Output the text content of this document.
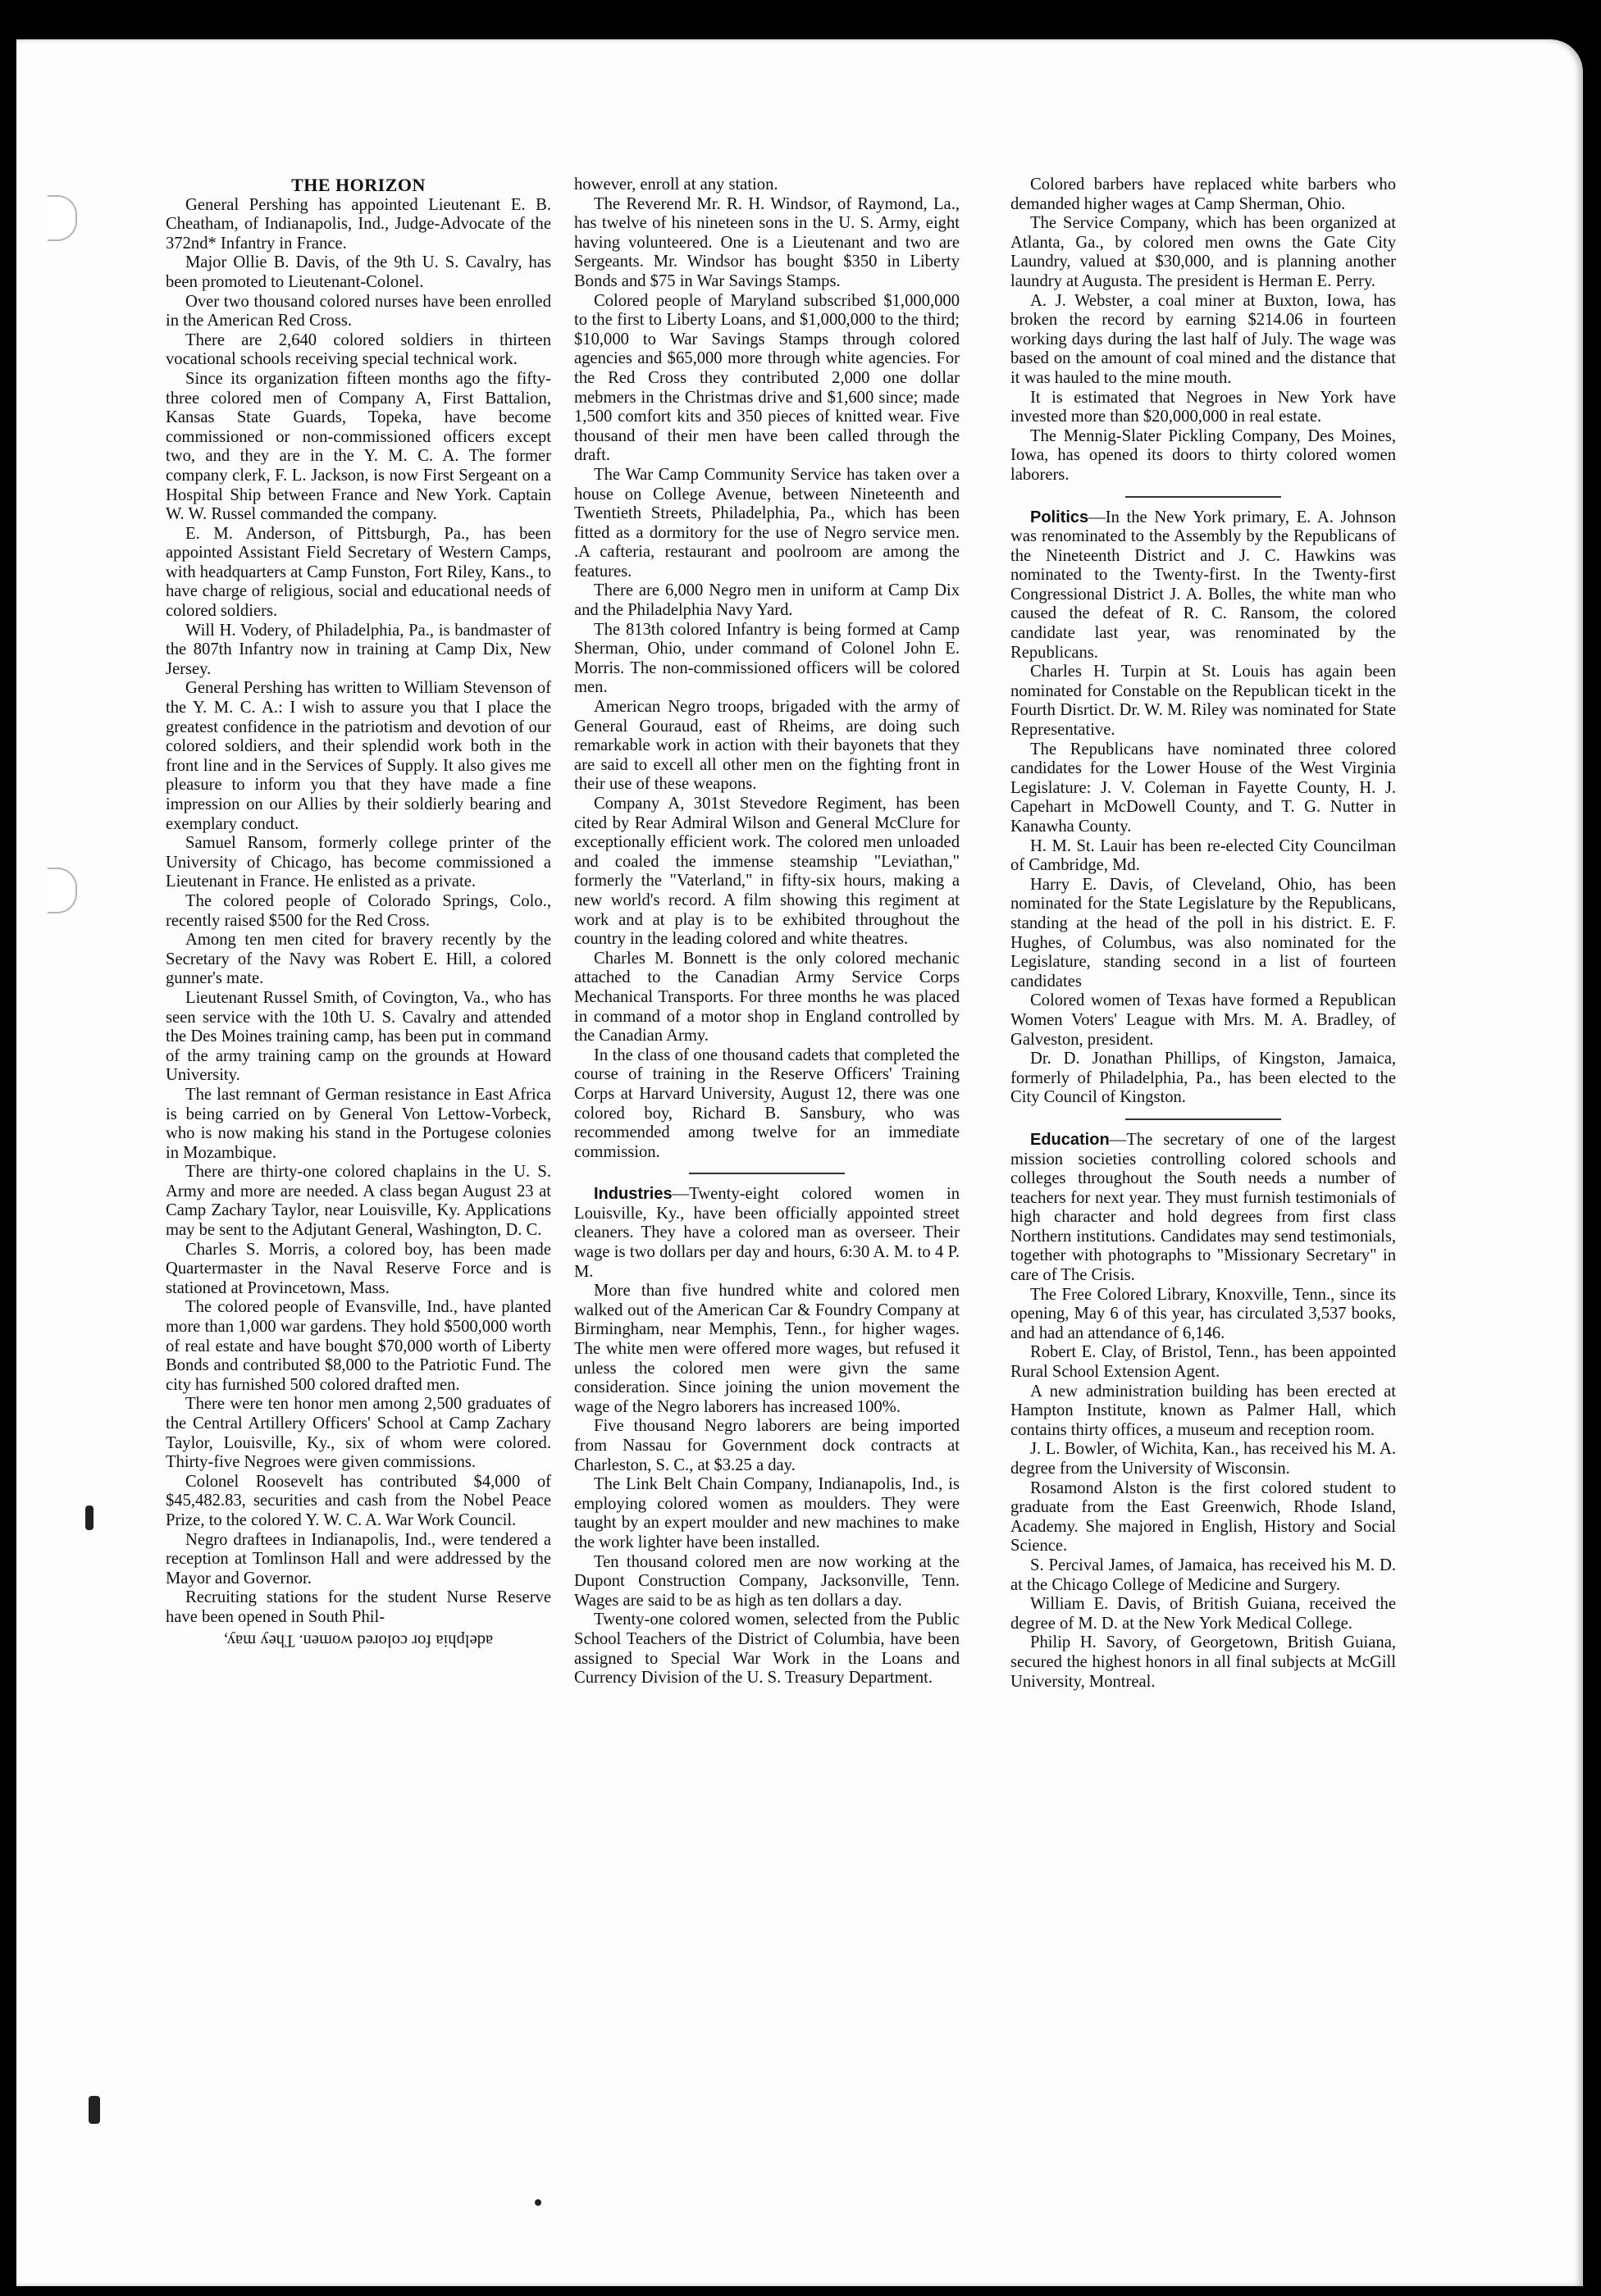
THE HORIZON

General Pershing has appointed Lieutenant E. B. Cheatham, of Indianapolis, Ind., Judge-Advocate of the 372nd* Infantry in France.

Major Ollie B. Davis, of the 9th U. S. Cavalry, has been promoted to Lieutenant-Colonel.

Over two thousand colored nurses have been enrolled in the American Red Cross.

There are 2,640 colored soldiers in thirteen vocational schools receiving special technical work.

Since its organization fifteen months ago the fifty-three colored men of Company A, First Battalion, Kansas State Guards, Topeka, have become commissioned or non-commissioned officers except two, and they are in the Y. M. C. A. The former company clerk, F. L. Jackson, is now First Sergeant on a Hospital Ship between France and New York. Captain W. W. Russel commanded the company.

E. M. Anderson, of Pittsburgh, Pa., has been appointed Assistant Field Secretary of Western Camps, with headquarters at Camp Funston, Fort Riley, Kans., to have charge of religious, social and educational needs of colored soldiers.

Will H. Vodery, of Philadelphia, Pa., is bandmaster of the 807th Infantry now in training at Camp Dix, New Jersey.

General Pershing has written to William Stevenson of the Y. M. C. A.: I wish to assure you that I place the greatest confidence in the patriotism and devotion of our colored soldiers, and their splendid work both in the front line and in the Services of Supply. It also gives me pleasure to inform you that they have made a fine impression on our Allies by their soldierly bearing and exemplary conduct.

Samuel Ransom, formerly college printer of the University of Chicago, has become commissioned a Lieutenant in France. He enlisted as a private.

The colored people of Colorado Springs, Colo., recently raised $500 for the Red Cross.

Among ten men cited for bravery recently by the Secretary of the Navy was Robert E. Hill, a colored gunner's mate.

Lieutenant Russel Smith, of Covington, Va., who has seen service with the 10th U. S. Cavalry and attended the Des Moines training camp, has been put in command of the army training camp on the grounds at Howard University.

The last remnant of German resistance in East Africa is being carried on by General Von Lettow-Vorbeck, who is now making his stand in the Portugese colonies in Mozambique.

There are thirty-one colored chaplains in the U. S. Army and more are needed. A class began August 23 at Camp Zachary Taylor, near Louisville, Ky. Applications may be sent to the Adjutant General, Washington, D. C.

Charles S. Morris, a colored boy, has been made Quartermaster in the Naval Reserve Force and is stationed at Provincetown, Mass.

The colored people of Evansville, Ind., have planted more than 1,000 war gardens. They hold $500,000 worth of real estate and have bought $70,000 worth of Liberty Bonds and contributed $8,000 to the Patriotic Fund. The city has furnished 500 colored drafted men.

There were ten honor men among 2,500 graduates of the Central Artillery Officers' School at Camp Zachary Taylor, Louisville, Ky., six of whom were colored. Thirty-five Negroes were given commissions.

Colonel Roosevelt has contributed $4,000 of $45,482.83, securities and cash from the Nobel Peace Prize, to the colored Y. W. C. A. War Work Council.

Negro draftees in Indianapolis, Ind., were tendered a reception at Tomlinson Hall and were addressed by the Mayor and Governor.

Recruiting stations for the student Nurse Reserve have been opened in South Phil-

adelphia for colored women. They may,

however, enroll at any station.

The Reverend Mr. R. H. Windsor, of Raymond, La., has twelve of his nineteen sons in the U. S. Army, eight having volunteered. One is a Lieutenant and two are Sergeants. Mr. Windsor has bought $350 in Liberty Bonds and $75 in War Savings Stamps.

Colored people of Maryland subscribed $1,000,000 to the first to Liberty Loans, and $1,000,000 to the third; $10,000 to War Savings Stamps through colored agencies and $65,000 more through white agencies. For the Red Cross they contributed 2,000 one dollar mebmers in the Christmas drive and $1,600 since; made 1,500 comfort kits and 350 pieces of knitted wear. Five thousand of their men have been called through the draft.

The War Camp Community Service has taken over a house on College Avenue, between Nineteenth and Twentieth Streets, Philadelphia, Pa., which has been fitted as a dormitory for the use of Negro service men. .A cafteria, restaurant and poolroom are among the features.

There are 6,000 Negro men in uniform at Camp Dix and the Philadelphia Navy Yard.

The 813th colored Infantry is being formed at Camp Sherman, Ohio, under command of Colonel John E. Morris. The non-commissioned officers will be colored men.

American Negro troops, brigaded with the army of General Gouraud, east of Rheims, are doing such remarkable work in action with their bayonets that they are said to excell all other men on the fighting front in their use of these weapons.

Company A, 301st Stevedore Regiment, has been cited by Rear Admiral Wilson and General McClure for exceptionally efficient work. The colored men unloaded and coaled the immense steamship "Leviathan," formerly the "Vaterland," in fifty-six hours, making a new world's record. A film showing this regiment at work and at play is to be exhibited throughout the country in the leading colored and white theatres.

Charles M. Bonnett is the only colored mechanic attached to the Canadian Army Service Corps Mechanical Transports. For three months he was placed in command of a motor shop in England controlled by the Canadian Army.

In the class of one thousand cadets that completed the course of training in the Reserve Officers' Training Corps at Harvard University, August 12, there was one colored boy, Richard B. Sansbury, who was recommended among twelve for an immediate commission.

Industries—Twenty-eight colored women in Louisville, Ky., have been officially appointed street cleaners. They have a colored man as overseer. Their wage is two dollars per day and hours, 6:30 A. M. to 4 P. M.

More than five hundred white and colored men walked out of the American Car & Foundry Company at Birmingham, near Memphis, Tenn., for higher wages. The white men were offered more wages, but refused it unless the colored men were givn the same consideration. Since joining the union movement the wage of the Negro laborers has increased 100%.

Five thousand Negro laborers are being imported from Nassau for Government dock contracts at Charleston, S. C., at $3.25 a day.

The Link Belt Chain Company, Indianapolis, Ind., is employing colored women as moulders. They were taught by an expert moulder and new machines to make the work lighter have been installed.

Ten thousand colored men are now working at the Dupont Construction Company, Jacksonville, Tenn. Wages are said to be as high as ten dollars a day.

Twenty-one colored women, selected from the Public School Teachers of the District of Columbia, have been assigned to Special War Work in the Loans and Currency Division of the U. S. Treasury Department.

Colored barbers have replaced white barbers who demanded higher wages at Camp Sherman, Ohio.

The Service Company, which has been organized at Atlanta, Ga., by colored men owns the Gate City Laundry, valued at $30,000, and is planning another laundry at Augusta. The president is Herman E. Perry.

A. J. Webster, a coal miner at Buxton, Iowa, has broken the record by earning $214.06 in fourteen working days during the last half of July. The wage was based on the amount of coal mined and the distance that it was hauled to the mine mouth.

It is estimated that Negroes in New York have invested more than $20,000,000 in real estate.

The Mennig-Slater Pickling Company, Des Moines, Iowa, has opened its doors to thirty colored women laborers.

Politics—In the New York primary, E. A. Johnson was renominated to the Assembly by the Republicans of the Nineteenth District and J. C. Hawkins was nominated to the Twenty-first. In the Twenty-first Congressional District J. A. Bolles, the white man who caused the defeat of R. C. Ransom, the colored candidate last year, was renominated by the Republicans.

Charles H. Turpin at St. Louis has again been nominated for Constable on the Republican ticekt in the Fourth Disrtict. Dr. W. M. Riley was nominated for State Representative.

The Republicans have nominated three colored candidates for the Lower House of the West Virginia Legislature: J. V. Coleman in Fayette County, H. J. Capehart in McDowell County, and T. G. Nutter in Kanawha County.

H. M. St. Lauir has been re-elected City Councilman of Cambridge, Md.

Harry E. Davis, of Cleveland, Ohio, has been nominated for the State Legislature by the Republicans, standing at the head of the poll in his district. E. F. Hughes, of Columbus, was also nominated for the Legislature, standing second in a list of fourteen candidates

Colored women of Texas have formed a Republican Women Voters' League with Mrs. M. A. Bradley, of Galveston, president.

Dr. D. Jonathan Phillips, of Kingston, Jamaica, formerly of Philadelphia, Pa., has been elected to the City Council of Kingston.

Education—The secretary of one of the largest mission societies controlling colored schools and colleges throughout the South needs a number of teachers for next year. They must furnish testimonials of high character and hold degrees from first class Northern institutions. Candidates may send testimonials, together with photographs to "Missionary Secretary" in care of The Crisis.

The Free Colored Library, Knoxville, Tenn., since its opening, May 6 of this year, has circulated 3,537 books, and had an attendance of 6,146.

Robert E. Clay, of Bristol, Tenn., has been appointed Rural School Extension Agent.

A new administration building has been erected at Hampton Institute, known as Palmer Hall, which contains thirty offices, a museum and reception room.

J. L. Bowler, of Wichita, Kan., has received his M. A. degree from the University of Wisconsin.

Rosamond Alston is the first colored student to graduate from the East Greenwich, Rhode Island, Academy. She majored in English, History and Social Science.

S. Percival James, of Jamaica, has received his M. D. at the Chicago College of Medicine and Surgery.

William E. Davis, of British Guiana, received the degree of M. D. at the New York Medical College.

Philip H. Savory, of Georgetown, British Guiana, secured the highest honors in all final subjects at McGill University, Montreal.
